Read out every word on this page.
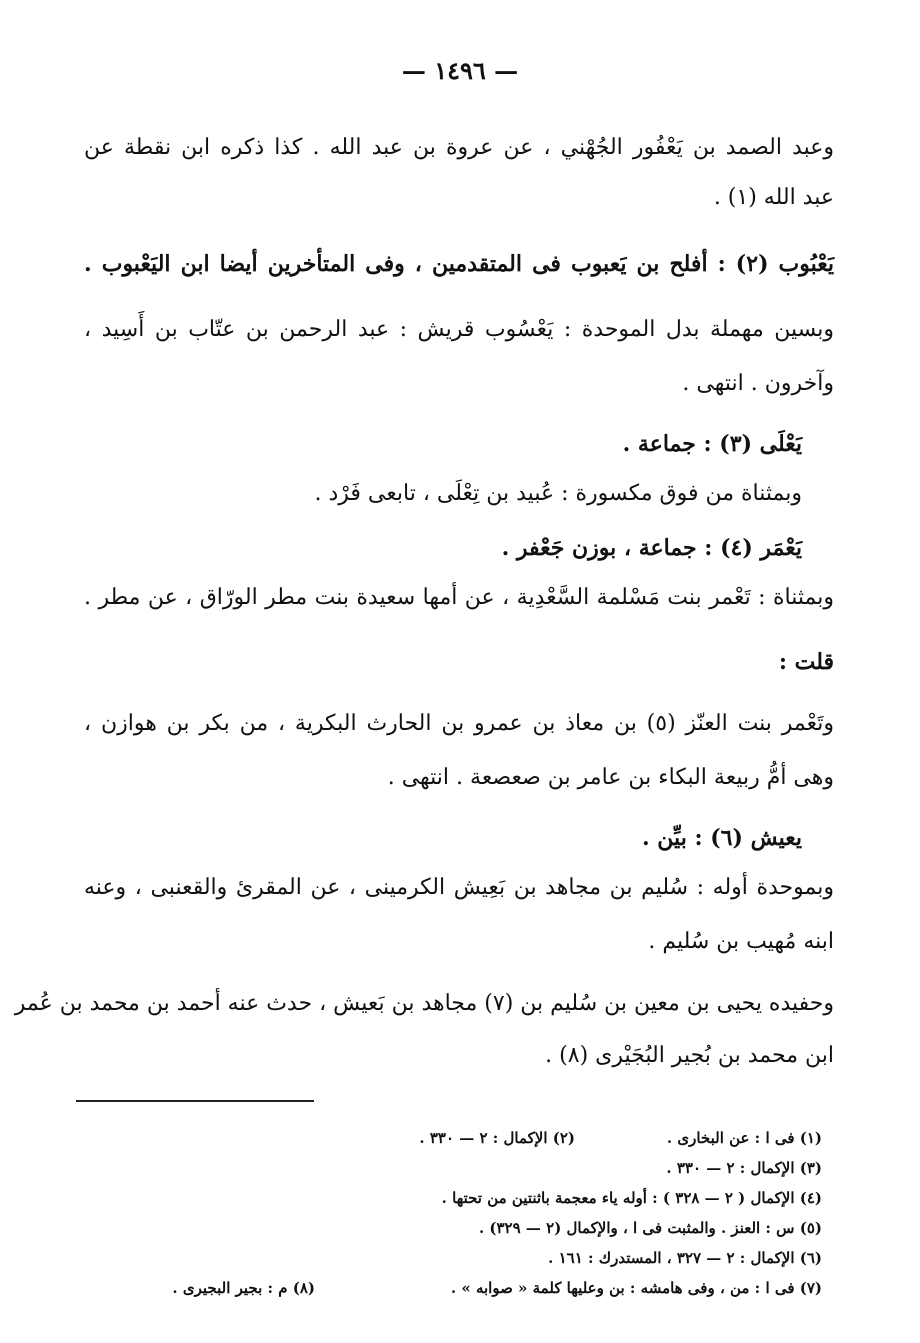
— ١٤٩٦ —
وعبد الصمد بن يَعْفُور الجُهْني ، عن عروة بن عبد الله . كذا ذكره ابن نقطة عن
عبد الله (١) .
يَعْبُوب (٢) : أفلح بن يَعبوب فى المتقدمين ، وفى المتأخرين أيضا ابن اليَعْبوب .
وبسين مهملة بدل الموحدة : يَعْسُوب قريش : عبد الرحمن بن عتّاب بن أَسِيد ،
وآخرون . انتهى .
يَعْلَى (٣) : جماعة .
وبمثناة من فوق مكسورة : عُبيد بن تِعْلَى ، تابعى فَرْد .
يَعْمَر (٤) : جماعة ، بوزن جَعْفر .
وبمثناة : تَعْمر بنت مَسْلمة السَّعْدِية ، عن أمها سعيدة بنت مطر الورّاق ، عن مطر .
قلت :
وتَعْمر بنت العنّز (٥) بن معاذ بن عمرو بن الحارث البكرية ، من بكر بن هوازن ،
وهى أمُّ ربيعة البكاء بن عامر بن صعصعة . انتهى .
يعيش (٦) : بيِّن .
وبموحدة أوله : سُليم بن مجاهد بن بَعِيش الكرمينى ، عن المقرئ والقعنبى ، وعنه
ابنه مُهيب بن سُليم .
وحفيده يحيى بن معين بن سُليم بن (٧) مجاهد بن بَعيش ، حدث عنه أحمد بن محمد بن عُمر
ابن محمد بن بُجير البُجَيْرى (٨) .
(١) فى ا : عن البخارى .
(٢) الإكمال : ٢ — ٣٣٠ .
(٣) الإكمال : ٢ — ٣٣٠ .
(٤) الإكمال ( ٢ — ٣٢٨ ) : أوله ياء معجمة باثنتين من تحتها .
(٥) س : العنز . والمثبت فى ا ، والإكمال (٢ — ٣٢٩) .
(٦) الإكمال : ٢ — ٣٢٧ ، المستدرك : ١٦١ .
(٧) فى ا : من ، وفى هامشه : بن وعليها كلمة « صوابه » .
(٨) م : بجير البجيرى .
